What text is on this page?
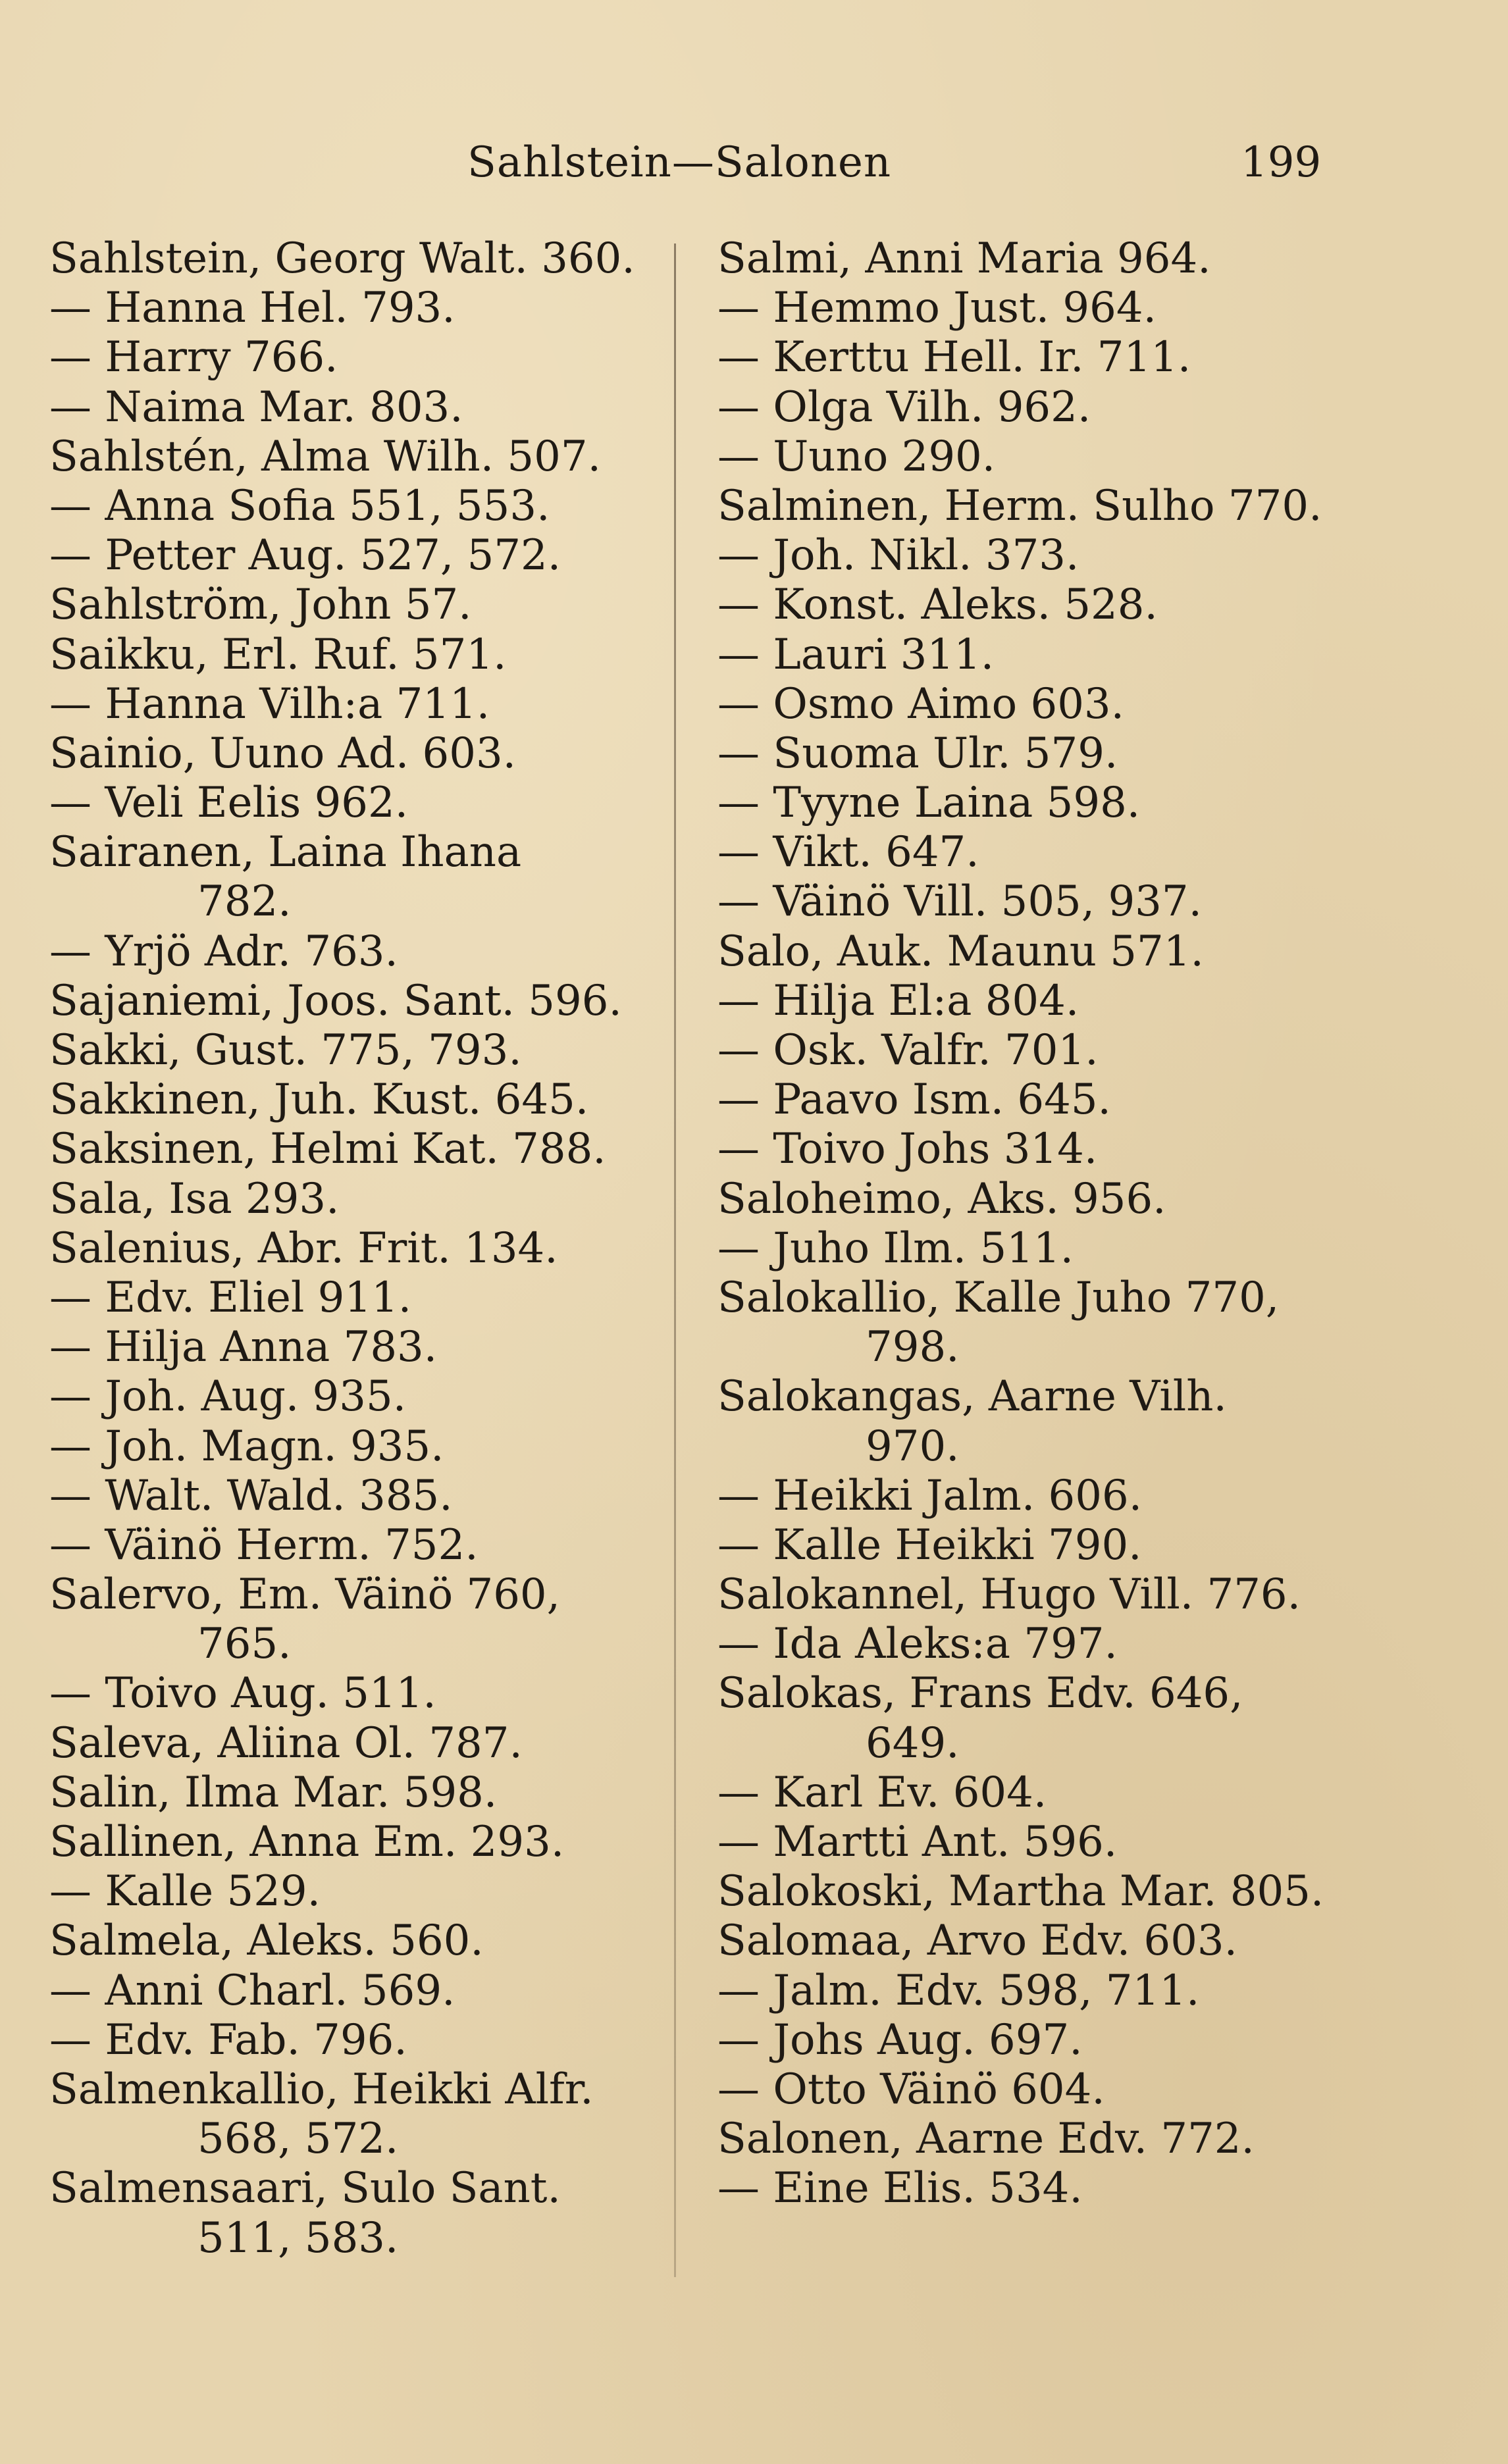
Sahlstein—Salonen	199
Sahlstein, Georg Walt. 360.
— Hanna Hel. 793.
— Harry 766.
— Naima Mar. 803.
Sahlstén, Alma Wilh. 507.
— Anna Sofia 551, 553.
— Petter Aug. 527, 572.
Sahlström, John 57.
Saikku, Erl. Ruf. 571.
— Hanna Vilh:a 711.
Sainio, Uuno Ad. 603.
— Veli Eelis 962.
Sairanen, Laina Ihana
782.
— Yrjö Adr. 763.
Sajaniemi, Joos. Sant. 596.
Sakki, Gust. 775, 793.
Sakkinen, Juh. Kust. 645.
Saksinen, Helmi Kat. 788.
Sala, Isa 293.
Salenius, Abr. Frit. 134.
— Edv. Eliel 911.
— Hilja Anna 783.
— Joh. Aug. 935.
— Joh. Magn. 935.
— Walt. Wald. 385.
— Väinö Herm. 752.
Salervo, Em. Väinö 760,
765.
— Toivo Aug. 511.
Saleva, Aliina Ol. 787.
Salin, Ilma Mar. 598.
Sallinen, Anna Em. 293.
— Kalle 529.
Salmela, Aleks. 560.
— Anni Charl. 569.
— Edv. Fab. 796.
Salmenkallio, Heikki Alfr.
568, 572.
Salmensaari, Sulo Sant.
511, 583.
Salmi, Anni Maria 964.
— Hemmo Just. 964.
— Kerttu Hell. Ir. 711.
— Olga Vilh. 962.
— Uuno 290.
Salminen, Herm. Sulho 770.
— Joh. Nikl. 373.
— Konst. Aleks. 528.
— Lauri 311.
— Osmo Aimo 603.
— Suoma Ulr. 579.
— Tyyne Laina 598.
— Vikt. 647.
— Väinö Vill. 505, 937.
Salo, Auk. Maunu 571.
— Hilja El:a 804.
— Osk. Valfr. 701.
— Paavo Ism. 645.
— Toivo Johs 314.
Saloheimo, Aks. 956.
— Juho Ilm. 511.
Salokallio, Kalle Juho 770,
798.
Salokangas, Aarne Vilh.
970.
— Heikki Jalm. 606.
— Kalle Heikki 790.
Salokannel, Hugo Vill. 776.
— Ida Aleks:a 797.
Salokas, Frans Edv. 646,
649.
— Karl Ev. 604.
— Martti Ant. 596.
Salokoski, Martha Mar. 805.
Salomaa, Arvo Edv. 603.
— Jalm. Edv. 598, 711.
— Johs Aug. 697.
— Otto Väinö 604.
Salonen, Aarne Edv. 772.
— Eine Elis. 534.
